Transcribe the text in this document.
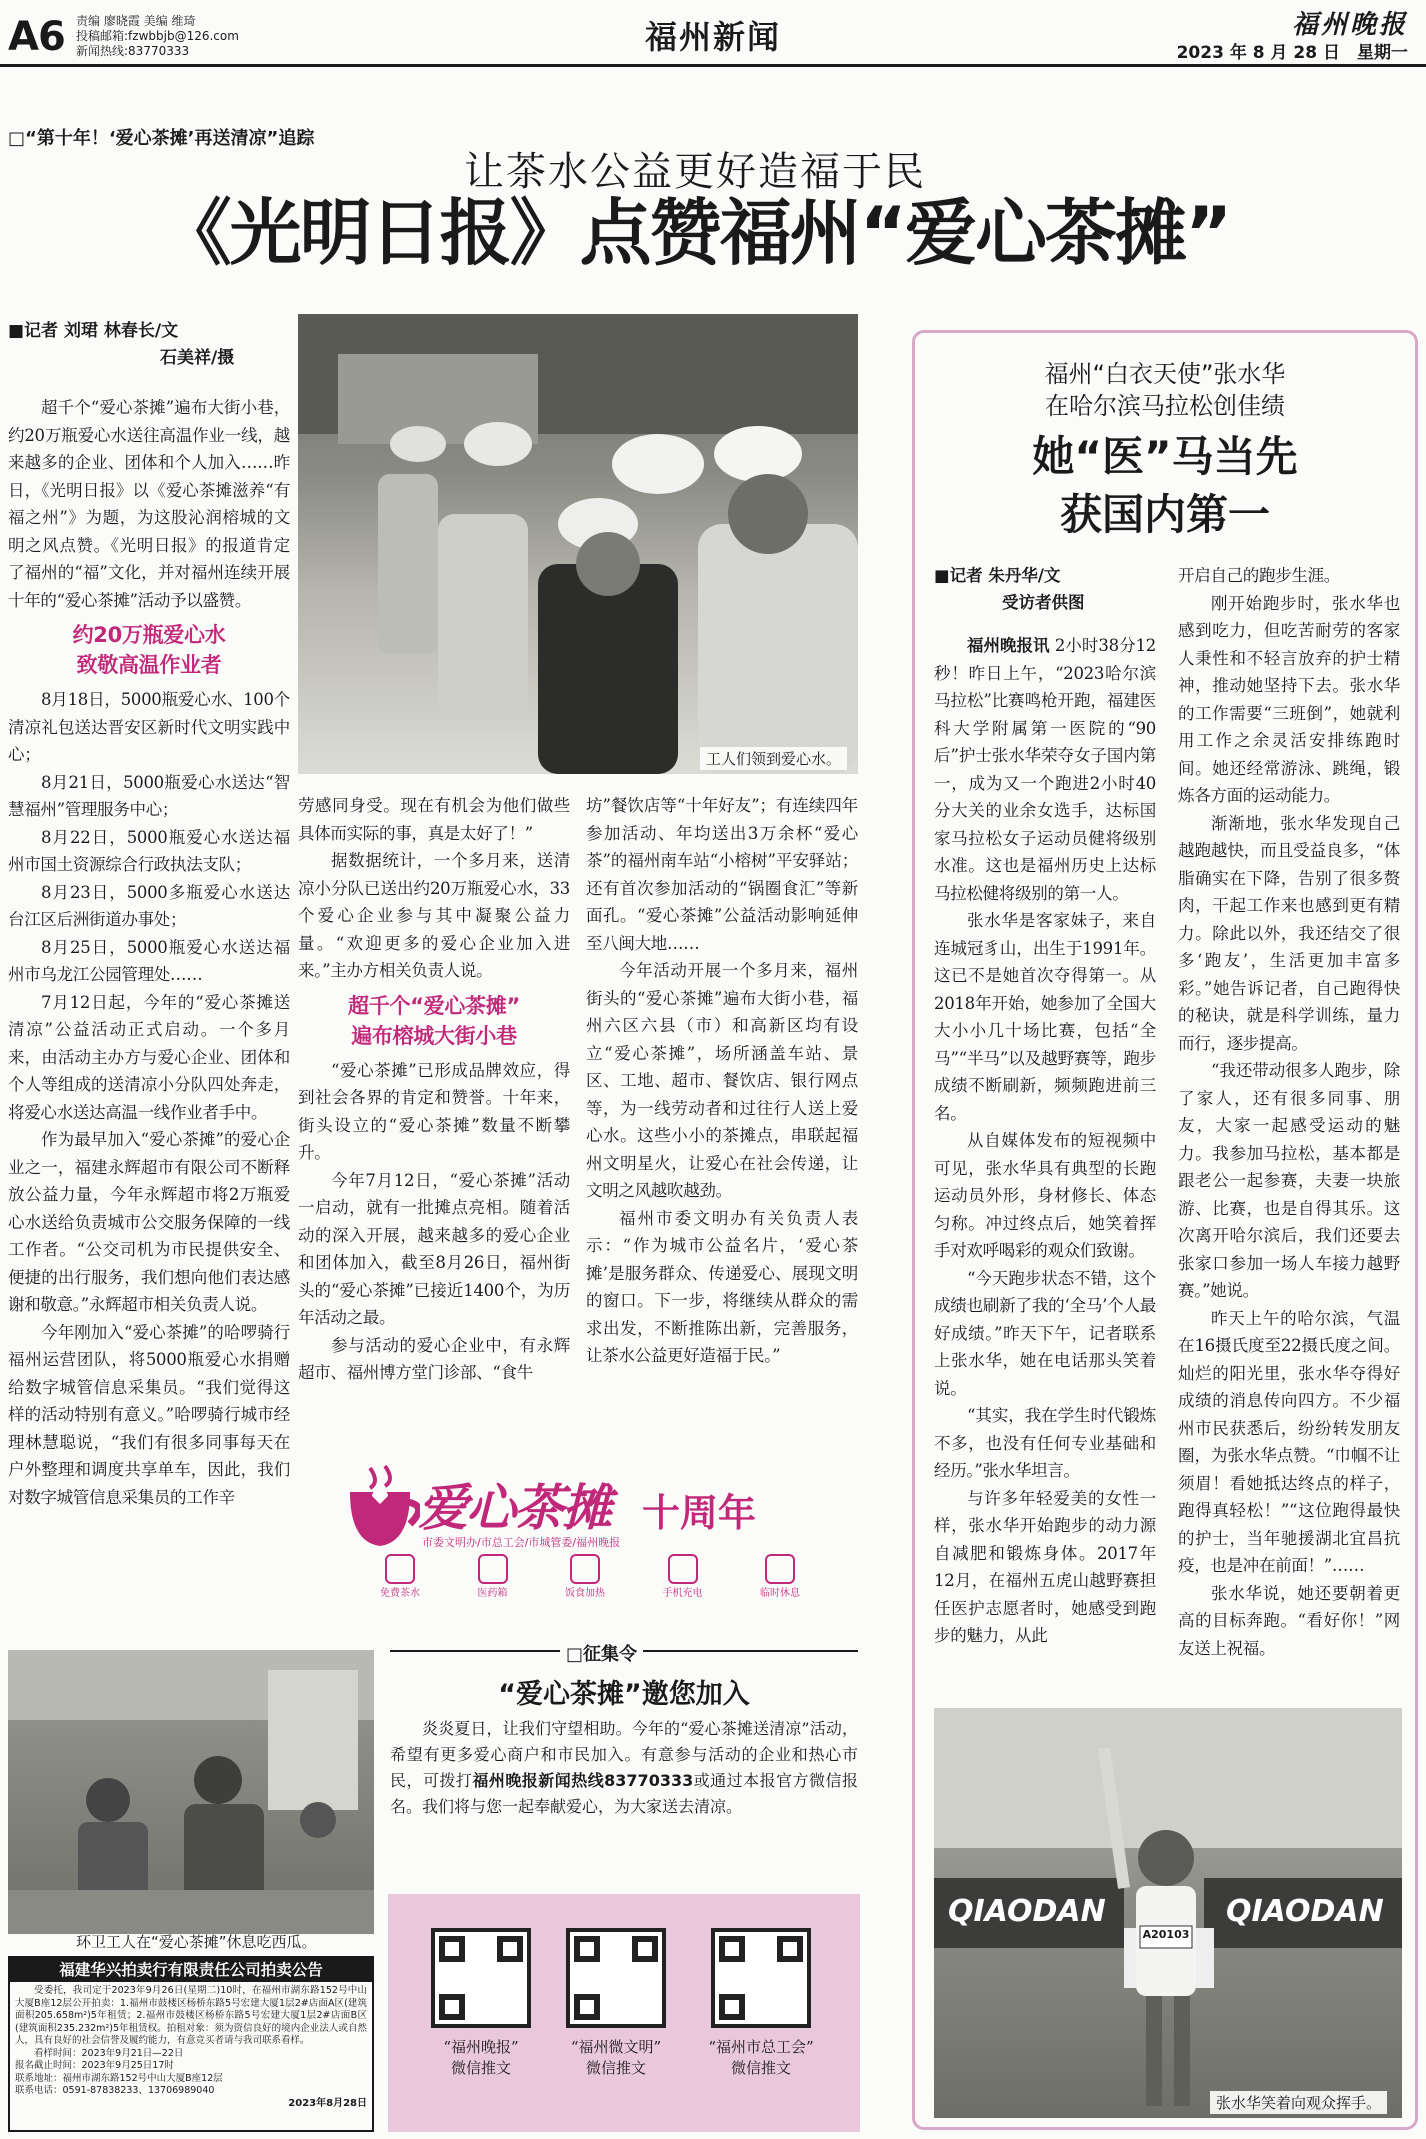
A6 责编 廖晓霞 美编 维琦
投稿邮箱:fzwbbjb@126.com
新闻热线:83770333	福州新闻	福州晚报
2023 年 8 月 28 日　星期一
□“第十年！‘爱心茶摊’再送清凉”追踪
让茶水公益更好造福于民
《光明日报》点赞福州“爱心茶摊”
■记者 刘珺 林春长/文
石美祥/摄
工人们领到爱心水。

超千个“爱心茶摊”遍布大街小巷，约20万瓶爱心水送往高温作业一线，越来越多的企业、团体和个人加入……昨日，《光明日报》以《爱心茶摊滋养“有福之州”》为题，为这股沁润榕城的文明之风点赞。《光明日报》的报道肯定了福州的“福”文化，并对福州连续开展十年的“爱心茶摊”活动予以盛赞。

约20万瓶爱心水
致敬高温作业者

8月18日，5000瓶爱心水、100个清凉礼包送达晋安区新时代文明实践中心；

8月21日，5000瓶爱心水送达“智慧福州”管理服务中心；

8月22日，5000瓶爱心水送达福州市国土资源综合行政执法支队；

8月23日，5000多瓶爱心水送达台江区后洲街道办事处；

8月25日，5000瓶爱心水送达福州市乌龙江公园管理处……

7月12日起，今年的“爱心茶摊送清凉”公益活动正式启动。一个多月来，由活动主办方与爱心企业、团体和个人等组成的送清凉小分队四处奔走，将爱心水送达高温一线作业者手中。

作为最早加入“爱心茶摊”的爱心企业之一，福建永辉超市有限公司不断释放公益力量，今年永辉超市将2万瓶爱心水送给负责城市公交服务保障的一线工作者。“公交司机为市民提供安全、便捷的出行服务，我们想向他们表达感谢和敬意。”永辉超市相关负责人说。

今年刚加入“爱心茶摊”的哈啰骑行福州运营团队，将5000瓶爱心水捐赠给数字城管信息采集员。“我们觉得这样的活动特别有意义。”哈啰骑行城市经理林慧聪说，“我们有很多同事每天在户外整理和调度共享单车，因此，我们对数字城管信息采集员的工作辛

劳感同身受。现在有机会为他们做些具体而实际的事，真是太好了！”

据数据统计，一个多月来，送清凉小分队已送出约20万瓶爱心水，33个爱心企业参与其中凝聚公益力量。“欢迎更多的爱心企业加入进来。”主办方相关负责人说。

超千个“爱心茶摊”
遍布榕城大街小巷

“爱心茶摊”已形成品牌效应，得到社会各界的肯定和赞誉。十年来，街头设立的“爱心茶摊”数量不断攀升。

今年7月12日，“爱心茶摊”活动一启动，就有一批摊点亮相。随着活动的深入开展，越来越多的爱心企业和团体加入，截至8月26日，福州街头的“爱心茶摊”已接近1400个，为历年活动之最。

参与活动的爱心企业中，有永辉超市、福州博方堂门诊部、“食牛

坊”餐饮店等“十年好友”；有连续四年参加活动、年均送出3万余杯“爱心茶”的福州南车站“小榕树”平安驿站；还有首次参加活动的“锅圈食汇”等新面孔。“爱心茶摊”公益活动影响延伸至八闽大地……

今年活动开展一个多月来，福州街头的“爱心茶摊”遍布大街小巷，福州六区六县（市）和高新区均有设立“爱心茶摊”，场所涵盖车站、景区、工地、超市、餐饮店、银行网点等，为一线劳动者和过往行人送上爱心水。这些小小的茶摊点，串联起福州文明星火，让爱心在社会传递，让文明之风越吹越劲。

福州市委文明办有关负责人表示：“作为城市公益名片，‘爱心茶摊’是服务群众、传递爱心、展现文明的窗口。下一步，将继续从群众的需求出发，不断推陈出新，完善服务，让茶水公益更好造福于民。”

爱心茶摊 十周年
市委文明办/市总工会/市城管委/福州晚报
免费茶水	医药箱	饭食加热	手机充电	临时休息
环卫工人在“爱心茶摊”休息吃西瓜。
□征集令
“爱心茶摊”邀您加入
炎炎夏日，让我们守望相助。今年的“爱心茶摊送清凉”活动，希望有更多爱心商户和市民加入。有意参与活动的企业和热心市民，可拨打福州晚报新闻热线83770333或通过本报官方微信报名。我们将与您一起奉献爱心，为大家送去清凉。
“福州晚报”
微信推文
“福州微文明”
微信推文
“福州市总工会”
微信推文
福建华兴拍卖行有限责任公司拍卖公告
受委托，我司定于2023年9月26日(星期二)10时，在福州市湖东路152号中山大厦B座12层公开拍卖：1.福州市鼓楼区杨桥东路5号宏建大厦1层2#店面A区(建筑面积205.658m²)5年租赁；2.福州市鼓楼区杨桥东路5号宏建大厦1层2#店面B区(建筑面积235.232m²)5年租赁权。拍租对象：须为资信良好的境内企业法人或自然人，具有良好的社会信誉及履约能力，有意竞买者请与我司联系看样。
看样时间：2023年9月21日—22日
报名截止时间：2023年9月25日17时
联系地址：福州市湖东路152号中山大厦B座12层
联系电话：0591-87838233、13706989040
2023年8月28日
福州“白衣天使”张水华
在哈尔滨马拉松创佳绩
她“医”马当先
获国内第一
■记者 朱丹华/文
受访者供图

福州晚报讯 2小时38分12秒！昨日上午，“2023哈尔滨马拉松”比赛鸣枪开跑，福建医科大学附属第一医院的“90后”护士张水华荣夺女子国内第一，成为又一个跑进2小时40分大关的业余女选手，达标国家马拉松女子运动员健将级别水准。这也是福州历史上达标马拉松健将级别的第一人。

张水华是客家妹子，来自连城冠豸山，出生于1991年。这已不是她首次夺得第一。从2018年开始，她参加了全国大大小小几十场比赛，包括“全马”“半马”以及越野赛等，跑步成绩不断刷新，频频跑进前三名。

从自媒体发布的短视频中可见，张水华具有典型的长跑运动员外形，身材修长、体态匀称。冲过终点后，她笑着挥手对欢呼喝彩的观众们致谢。

“今天跑步状态不错，这个成绩也刷新了我的‘全马’个人最好成绩。”昨天下午，记者联系上张水华，她在电话那头笑着说。

“其实，我在学生时代锻炼不多，也没有任何专业基础和经历。”张水华坦言。

与许多年轻爱美的女性一样，张水华开始跑步的动力源自减肥和锻炼身体。2017年12月，在福州五虎山越野赛担任医护志愿者时，她感受到跑步的魅力，从此

开启自己的跑步生涯。

刚开始跑步时，张水华也感到吃力，但吃苦耐劳的客家人秉性和不轻言放弃的护士精神，推动她坚持下去。张水华的工作需要“三班倒”，她就利用工作之余灵活安排练跑时间。她还经常游泳、跳绳，锻炼各方面的运动能力。

渐渐地，张水华发现自己越跑越快，而且受益良多，“体脂确实在下降，告别了很多赘肉，干起工作来也感到更有精力。除此以外，我还结交了很多‘跑友’，生活更加丰富多彩。”她告诉记者，自己跑得快的秘诀，就是科学训练，量力而行，逐步提高。

“我还带动很多人跑步，除了家人，还有很多同事、朋友，大家一起感受运动的魅力。我参加马拉松，基本都是跟老公一起参赛，夫妻一块旅游、比赛，也是自得其乐。这次离开哈尔滨后，我们还要去张家口参加一场人车接力越野赛。”她说。

昨天上午的哈尔滨，气温在16摄氏度至22摄氏度之间。灿烂的阳光里，张水华夺得好成绩的消息传向四方。不少福州市民获悉后，纷纷转发朋友圈，为张水华点赞。“巾帼不让须眉！看她抵达终点的样子，跑得真轻松！”“这位跑得最快的护士，当年驰援湖北宜昌抗疫，也是冲在前面！”……

张水华说，她还要朝着更高的目标奔跑。“看好你！”网友送上祝福。

A20103
QIAODAN	QIAODAN
张水华笑着向观众挥手。
